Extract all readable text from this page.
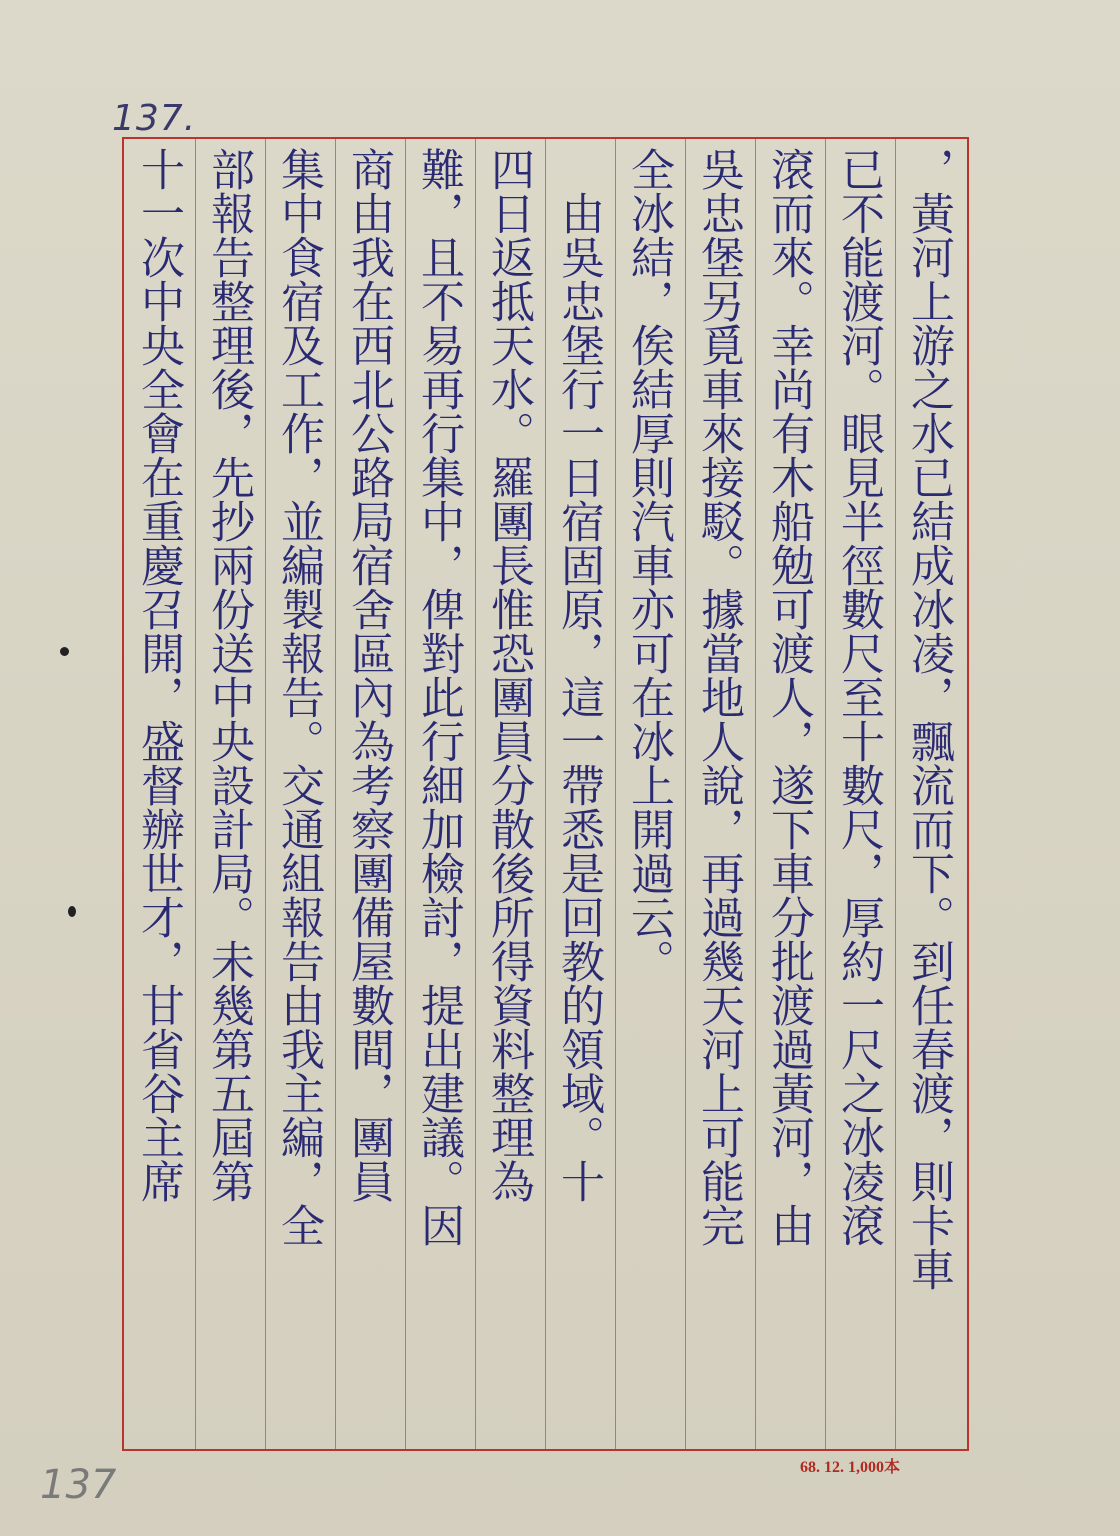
137.
，黃河上游之水已結成冰凌，飄流而下。到任春渡，則卡車
已不能渡河。眼見半徑數尺至十數尺，厚約一尺之冰凌滾
滾而來。幸尚有木船勉可渡人，遂下車分批渡過黃河，由
吳忠堡另覓車來接駁。據當地人說，再過幾天河上可能完
全冰結，俟結厚則汽車亦可在冰上開過云。
　由吳忠堡行一日宿固原，這一帶悉是回教的領域。十
四日返抵天水。羅團長惟恐團員分散後所得資料整理為
難，且不易再行集中，俾對此行細加檢討，提出建議。因
商由我在西北公路局宿舍區內為考察團備屋數間，團員
集中食宿及工作，並編製報告。交通組報告由我主編，全
部報告整理後，先抄兩份送中央設計局。未幾第五屆第
十一次中央全會在重慶召開，盛督辦世才，甘省谷主席
68. 12. 1,000本
137
